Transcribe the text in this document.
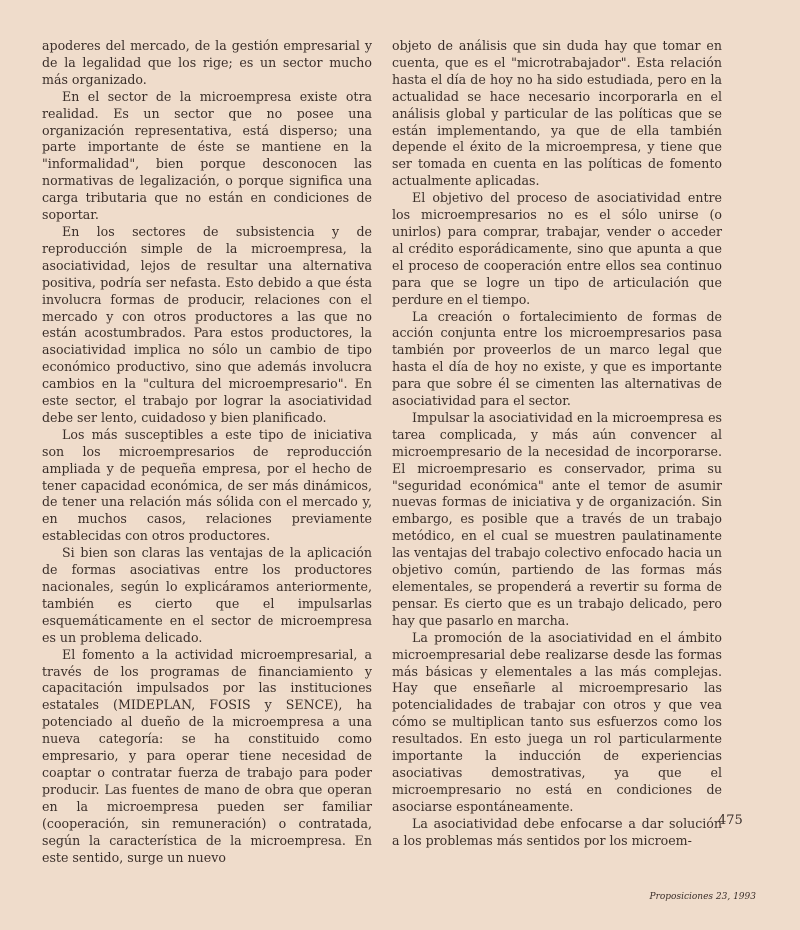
apoderes del mercado, de la gestión empresarial y de la legalidad que los rige; es un sector mucho más organizado.

En el sector de la microempresa existe otra realidad. Es un sector que no posee una organización representativa, está disperso; una parte importante de éste se mantiene en la "informalidad", bien porque desconocen las normativas de legalización, o porque significa una carga tributaria que no están en condiciones de soportar.

En los sectores de subsistencia y de reproducción simple de la microempresa, la asociatividad, lejos de resultar una alternativa positiva, podría ser nefasta. Esto debido a que ésta involucra formas de producir, relaciones con el mercado y con otros productores a las que no están acostumbrados. Para estos productores, la asociatividad implica no sólo un cambio de tipo económico productivo, sino que además involucra cambios en la "cultura del microempresario". En este sector, el trabajo por lograr la asociatividad debe ser lento, cuidadoso y bien planificado.

Los más susceptibles a este tipo de iniciativa son los microempresarios de reproducción ampliada y de pequeña empresa, por el hecho de tener capacidad económica, de ser más dinámicos, de tener una relación más sólida con el mercado y, en muchos casos, relaciones previamente establecidas con otros productores.

Si bien son claras las ventajas de la aplicación de formas asociativas entre los productores nacionales, según lo explicáramos anteriormente, también es cierto que el impulsarlas esquemáticamente en el sector de microempresa es un problema delicado.

El fomento a la actividad microempresarial, a través de los programas de financiamiento y capacitación impulsados por las instituciones estatales (MIDEPLAN, FOSIS y SENCE), ha potenciado al dueño de la microempresa a una nueva categoría: se ha constituido como empresario, y para operar tiene necesidad de coaptar o contratar fuerza de trabajo para poder producir. Las fuentes de mano de obra que operan en la microempresa pueden ser familiar (cooperación, sin remuneración) o contratada, según la característica de la microempresa. En este sentido, surge un nuevo

objeto de análisis que sin duda hay que tomar en cuenta, que es el "microtrabajador". Esta relación hasta el día de hoy no ha sido estudiada, pero en la actualidad se hace necesario incorporarla en el análisis global y particular de las políticas que se están implementando, ya que de ella también depende el éxito de la microempresa, y tiene que ser tomada en cuenta en las políticas de fomento actualmente aplicadas.

El objetivo del proceso de asociatividad entre los microempresarios no es el sólo unirse (o unirlos) para comprar, trabajar, vender o acceder al crédito esporádicamente, sino que apunta a que el proceso de cooperación entre ellos sea continuo para que se logre un tipo de articulación que perdure en el tiempo.

La creación o fortalecimiento de formas de acción conjunta entre los microempresarios pasa también por proveerlos de un marco legal que hasta el día de hoy no existe, y que es importante para que sobre él se cimenten las alternativas de asociatividad para el sector.

Impulsar la asociatividad en la microempresa es tarea complicada, y más aún convencer al microempresario de la necesidad de incorporarse. El microempresario es conservador, prima su "seguridad económica" ante el temor de asumir nuevas formas de iniciativa y de organización. Sin embargo, es posible que a través de un trabajo metódico, en el cual se muestren paulatinamente las ventajas del trabajo colectivo enfocado hacia un objetivo común, partiendo de las formas más elementales, se propenderá a revertir su forma de pensar. Es cierto que es un trabajo delicado, pero hay que pasarlo en marcha.

La promoción de la asociatividad en el ámbito microempresarial debe realizarse desde las formas más básicas y elementales a las más complejas. Hay que enseñarle al microempresario las potencialidades de trabajar con otros y que vea cómo se multiplican tanto sus esfuerzos como los resultados. En esto juega un rol particularmente importante la inducción de experiencias asociativas demostrativas, ya que el microempresario no está en condiciones de asociarse espontáneamente.

La asociatividad debe enfocarse a dar solución a los problemas más sentidos por los microem-

475
Proposiciones 23, 1993
